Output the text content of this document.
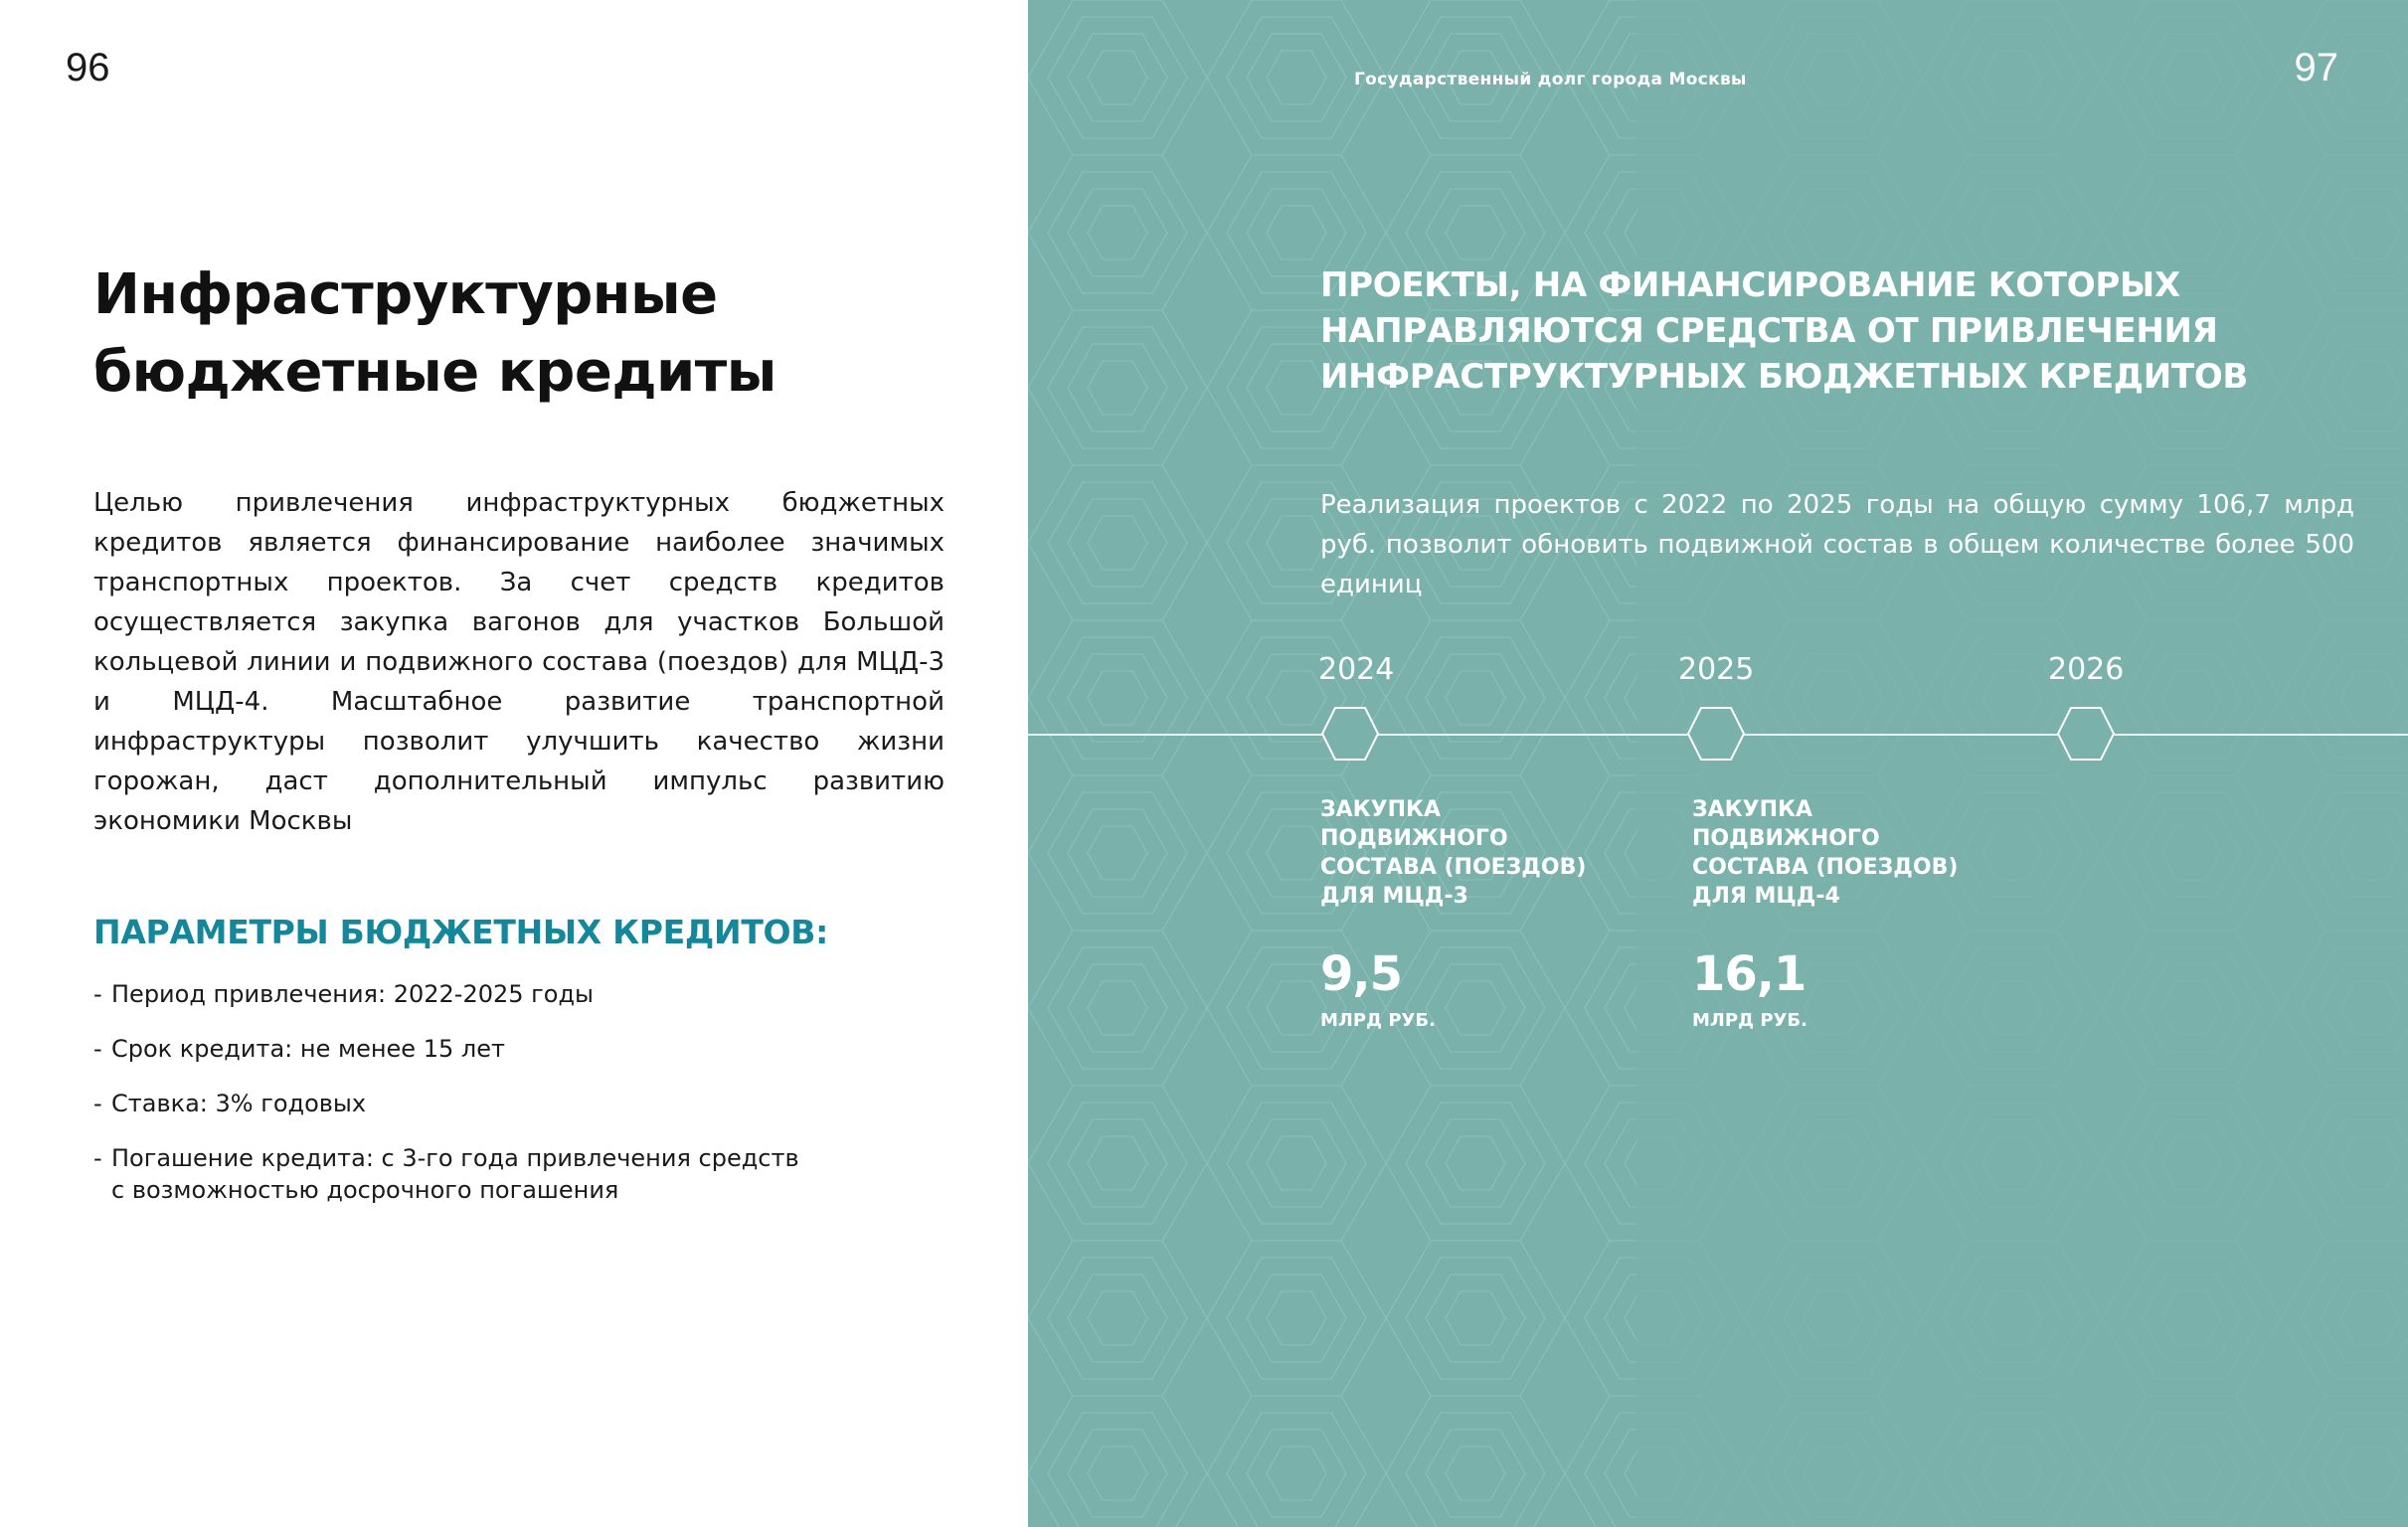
96
Инфраструктурные
бюджетные кредиты

Целью привлечения инфраструктурных бюджетных кредитов является финансирование наиболее значимых транспортных проектов. За счет средств кредитов осуществляется закупка вагонов для участков Большой кольцевой линии и подвижного состава (поездов) для МЦД-3 и МЦД-4. Масштабное развитие транспортной инфраструктуры позволит улучшить качество жизни горожан, даст дополнительный импульс развитию экономики Москвы

ПАРАМЕТРЫ БЮДЖЕТНЫХ КРЕДИТОВ:
- Период привлечения: 2022-2025 годы
- Срок кредита: не менее 15 лет
- Ставка: 3% годовых
- Погашение кредита: с 3-го года привлечения средств с возможностью досрочного погашения
Государственный долг города Москвы	97
ПРОЕКТЫ, НА ФИНАНСИРОВАНИЕ КОТОРЫХ
НАПРАВЛЯЮТСЯ СРЕДСТВА ОТ ПРИВЛЕЧЕНИЯ
ИНФРАСТРУКТУРНЫХ БЮДЖЕТНЫХ КРЕДИТОВ

Реализация проектов с 2022 по 2025 годы на общую сумму 106,7 млрд руб. позволит обновить подвижной состав в общем количестве более 500 единиц

2024	2025	2026

ЗАКУПКА
ПОДВИЖНОГО
СОСТАВА (ПОЕЗДОВ)
ДЛЯ МЦД-3

9,5
МЛРД РУБ.

ЗАКУПКА
ПОДВИЖНОГО
СОСТАВА (ПОЕЗДОВ)
ДЛЯ МЦД-4

16,1
МЛРД РУБ.
